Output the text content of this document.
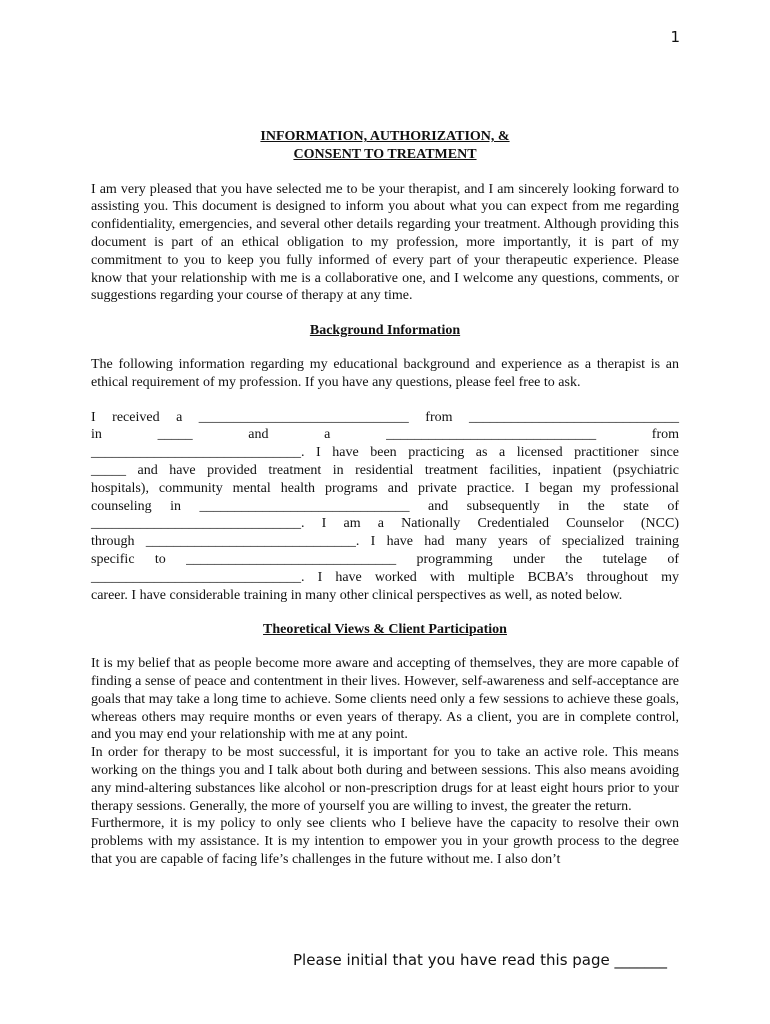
1
INFORMATION, AUTHORIZATION, &
CONSENT TO TREATMENT

I am very pleased that you have selected me to be your therapist, and I am sincerely looking forward to assisting you. This document is designed to inform you about what you can expect from me regarding confidentiality, emergencies, and several other details regarding your treatment. Although providing this document is part of an ethical obligation to my profession, more importantly, it is part of my commitment to you to keep you fully informed of every part of your therapeutic experience. Please know that your relationship with me is a collaborative one, and I welcome any questions, comments, or suggestions regarding your course of therapy at any time.

Background Information

The following information regarding my educational background and experience as a therapist is an ethical requirement of my profession. If you have any questions, please feel free to ask.

I received a ______________________________ from ______________________________
in _____ and a ______________________________ from
______________________________. I have been practicing as a licensed practitioner since
_____ and have provided treatment in residential treatment facilities, inpatient (psychiatric
hospitals), community mental health programs and private practice. I began my professional
counseling in ______________________________ and subsequently in the state of
______________________________. I am a Nationally Credentialed Counselor (NCC)
through ______________________________. I have had many years of specialized training
specific to ______________________________ programming under the tutelage of
______________________________. I have worked with multiple BCBA’s throughout my
career. I have considerable training in many other clinical perspectives as well, as noted below.
Theoretical Views & Client Participation

It is my belief that as people become more aware and accepting of themselves, they are more capable of finding a sense of peace and contentment in their lives. However, self-awareness and self-acceptance are goals that may take a long time to achieve. Some clients need only a few sessions to achieve these goals, whereas others may require months or even years of therapy. As a client, you are in complete control, and you may end your relationship with me at any point.

In order for therapy to be most successful, it is important for you to take an active role. This means working on the things you and I talk about both during and between sessions. This also means avoiding any mind-altering substances like alcohol or non-prescription drugs for at least eight hours prior to your therapy sessions. Generally, the more of yourself you are willing to invest, the greater the return.

Furthermore, it is my policy to only see clients who I believe have the capacity to resolve their own problems with my assistance. It is my intention to empower you in your growth process to the degree that you are capable of facing life’s challenges in the future without me. I also don’t

Please initial that you have read this page _______
